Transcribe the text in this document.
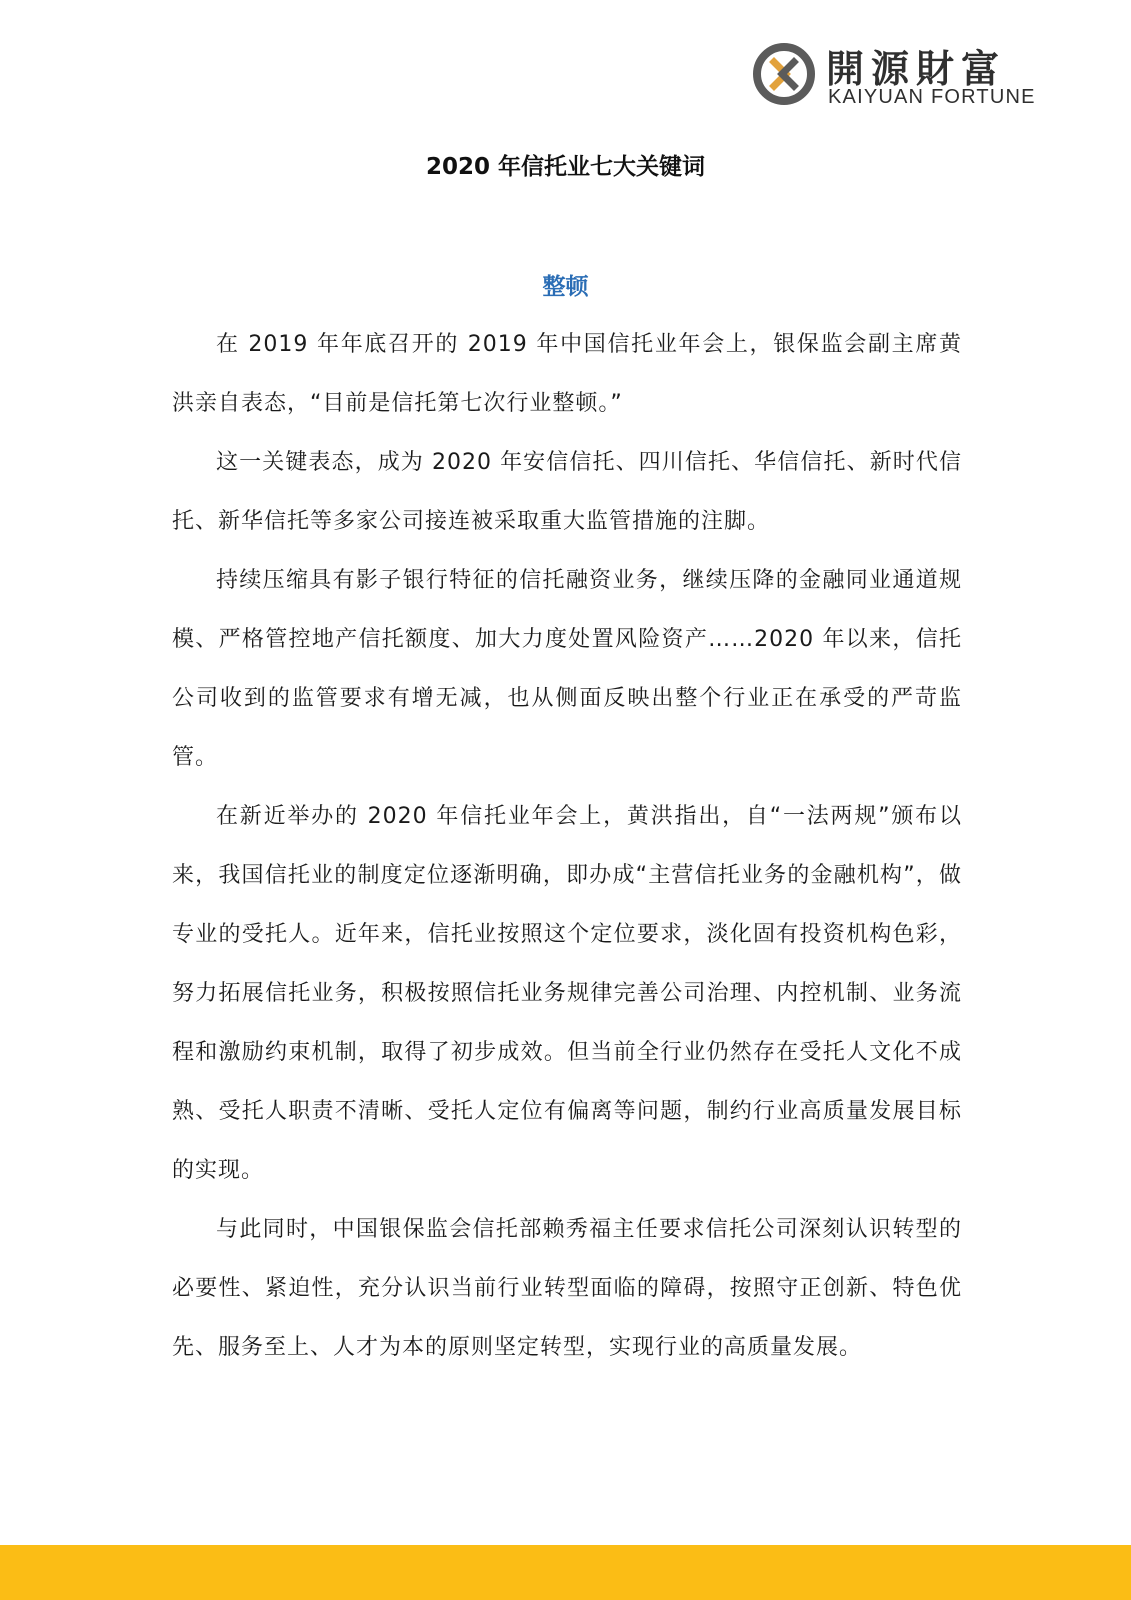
開源財富
KAIYUAN FORTUNE
2020 年信托业七大关键词
整顿

在 2019 年年底召开的 2019 年中国信托业年会上，银保监会副主席黄洪亲自表态，“目前是信托第七次行业整顿。”

这一关键表态，成为 2020 年安信信托、四川信托、华信信托、新时代信托、新华信托等多家公司接连被采取重大监管措施的注脚。

持续压缩具有影子银行特征的信托融资业务，继续压降的金融同业通道规模、严格管控地产信托额度、加大力度处置风险资产……2020 年以来，信托公司收到的监管要求有增无减，也从侧面反映出整个行业正在承受的严苛监管。

在新近举办的 2020 年信托业年会上，黄洪指出，自“一法两规”颁布以来，我国信托业的制度定位逐渐明确，即办成“主营信托业务的金融机构”，做专业的受托人。近年来，信托业按照这个定位要求，淡化固有投资机构色彩，努力拓展信托业务，积极按照信托业务规律完善公司治理、内控机制、业务流程和激励约束机制，取得了初步成效。但当前全行业仍然存在受托人文化不成熟、受托人职责不清晰、受托人定位有偏离等问题，制约行业高质量发展目标的实现。

与此同时，中国银保监会信托部赖秀福主任要求信托公司深刻认识转型的必要性、紧迫性，充分认识当前行业转型面临的障碍，按照守正创新、特色优先、服务至上、人才为本的原则坚定转型，实现行业的高质量发展。
